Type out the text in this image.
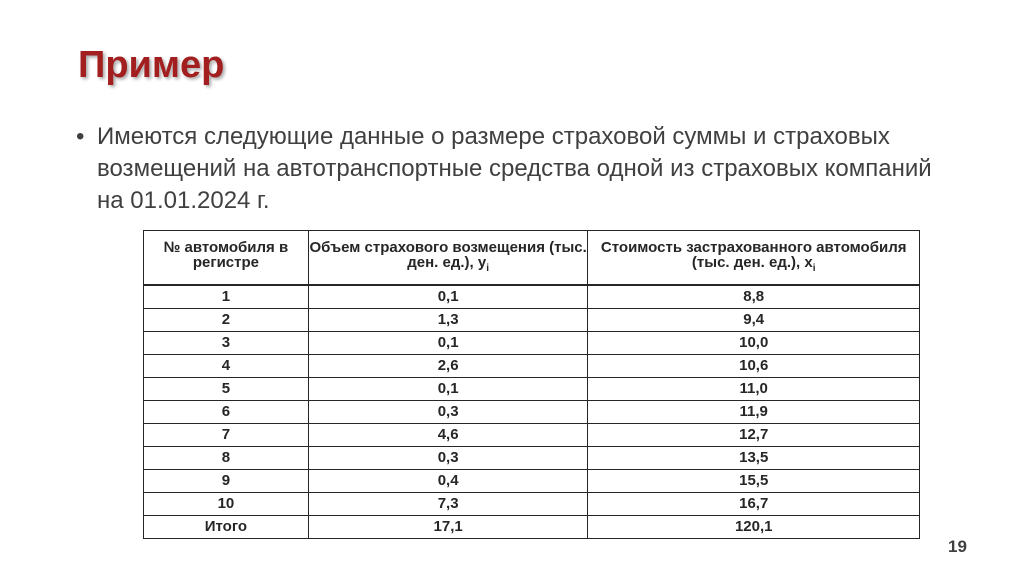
Пример
• Имеются следующие данные о размере страховой суммы и страховых возмещений на автотранспортные средства одной из страховых компаний на 01.01.2024 г.
№ автомобиля в регистре	Объем страхового возмещения (тыс. ден. ед.), $y_i$	Стоимость застрахованного автомобиля (тыс. ден. ед.), $x_i$
1	0,1	8,8
2	1,3	9,4
3	0,1	10,0
4	2,6	10,6
5	0,1	11,0
6	0,3	11,9
7	4,6	12,7
8	0,3	13,5
9	0,4	15,5
10	7,3	16,7
Итого	17,1	120,1
19
